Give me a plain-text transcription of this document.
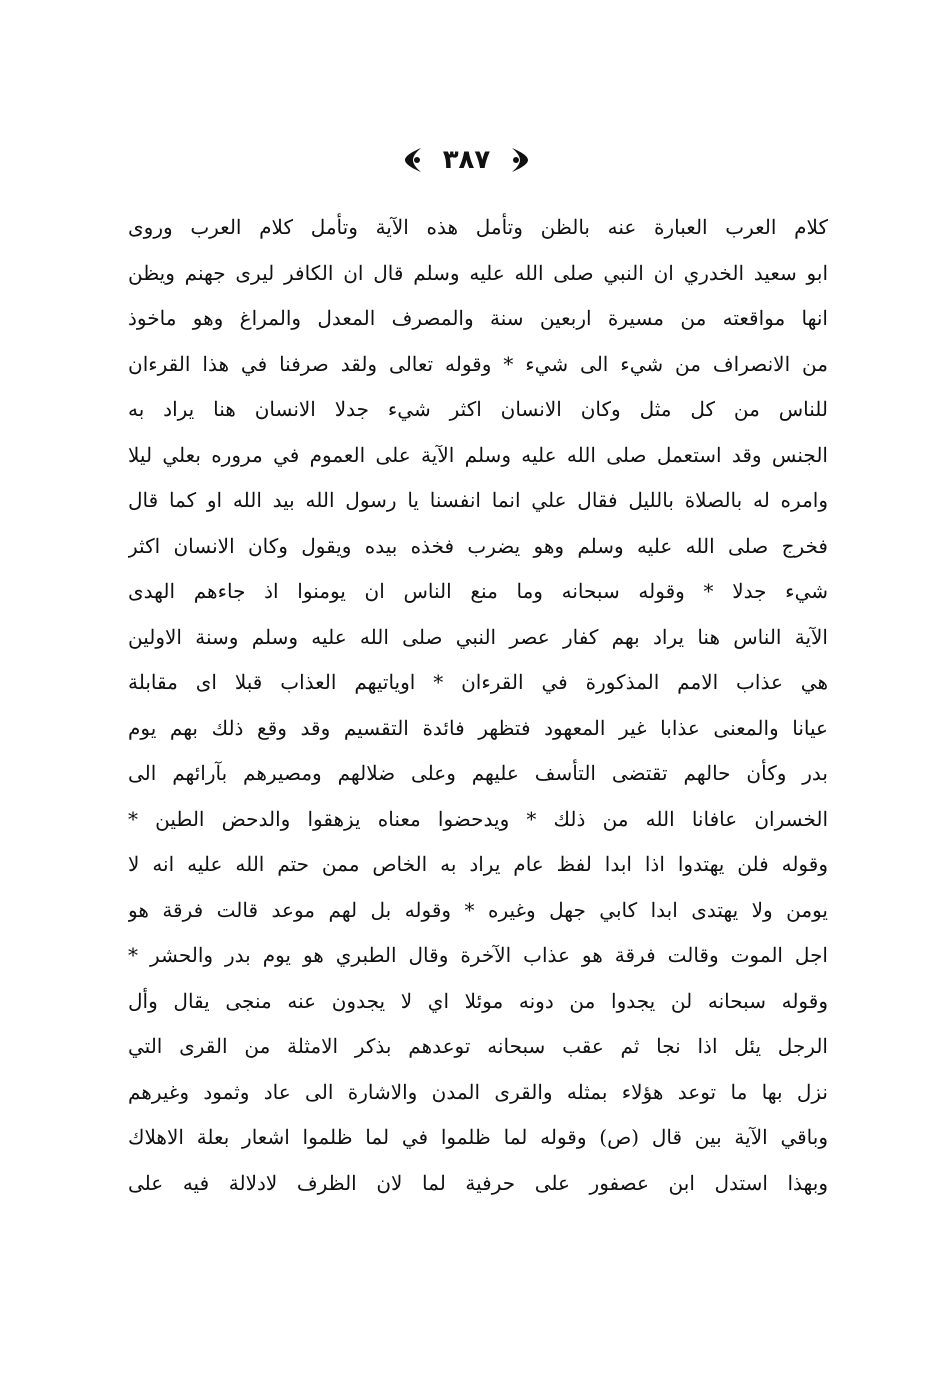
٣٨٧
كلام العرب العبارة عنه بالظن وتأمل هذه الآية وتأمل كلام العرب وروى
ابو سعيد الخدري ان النبي صلى الله عليه وسلم قال ان الكافر ليرى جهنم ويظن
انها مواقعته من مسيرة اربعين سنة والمصرف المعدل والمراغ وهو ماخوذ
من الانصراف من شيء الى شيء * وقوله تعالى ولقد صرفنا في هذا القرءان
للناس من كل مثل وكان الانسان اكثر شيء جدلا الانسان هنا يراد به
الجنس وقد استعمل صلى الله عليه وسلم الآية على العموم في مروره بعلي ليلا
وامره له بالصلاة بالليل فقال علي انما انفسنا يا رسول الله بيد الله او كما قال
فخرج صلى الله عليه وسلم وهو يضرب فخذه بيده ويقول وكان الانسان اكثر
شيء جدلا * وقوله سبحانه وما منع الناس ان يومنوا اذ جاءهم الهدى
الآية الناس هنا يراد بهم كفار عصر النبي صلى الله عليه وسلم وسنة الاولين
هي عذاب الامم المذكورة في القرءان * اوياتيهم العذاب قبلا اى مقابلة
عيانا والمعنى عذابا غير المعهود فتظهر فائدة التقسيم وقد وقع ذلك بهم يوم
بدر وكأن حالهم تقتضى التأسف عليهم وعلى ضلالهم ومصيرهم بآرائهم الى
الخسران عافانا الله من ذلك * ويدحضوا معناه يزهقوا والدحض الطين *
وقوله فلن يهتدوا اذا ابدا لفظ عام يراد به الخاص ممن حتم الله عليه انه لا
يومن ولا يهتدى ابدا كابي جهل وغيره * وقوله بل لهم موعد قالت فرقة هو
اجل الموت وقالت فرقة هو عذاب الآخرة وقال الطبري هو يوم بدر والحشر *
وقوله سبحانه لن يجدوا من دونه موئلا اي لا يجدون عنه منجى يقال وأل
الرجل يئل اذا نجا ثم عقب سبحانه توعدهم بذكر الامثلة من القرى التي
نزل بها ما توعد هؤلاء بمثله والقرى المدن والاشارة الى عاد وثمود وغيرهم
وباقي الآية بين قال (ص) وقوله لما ظلموا في لما ظلموا اشعار بعلة الاهلاك
وبهذا استدل ابن عصفور على حرفية لما لان الظرف لادلالة فيه على
